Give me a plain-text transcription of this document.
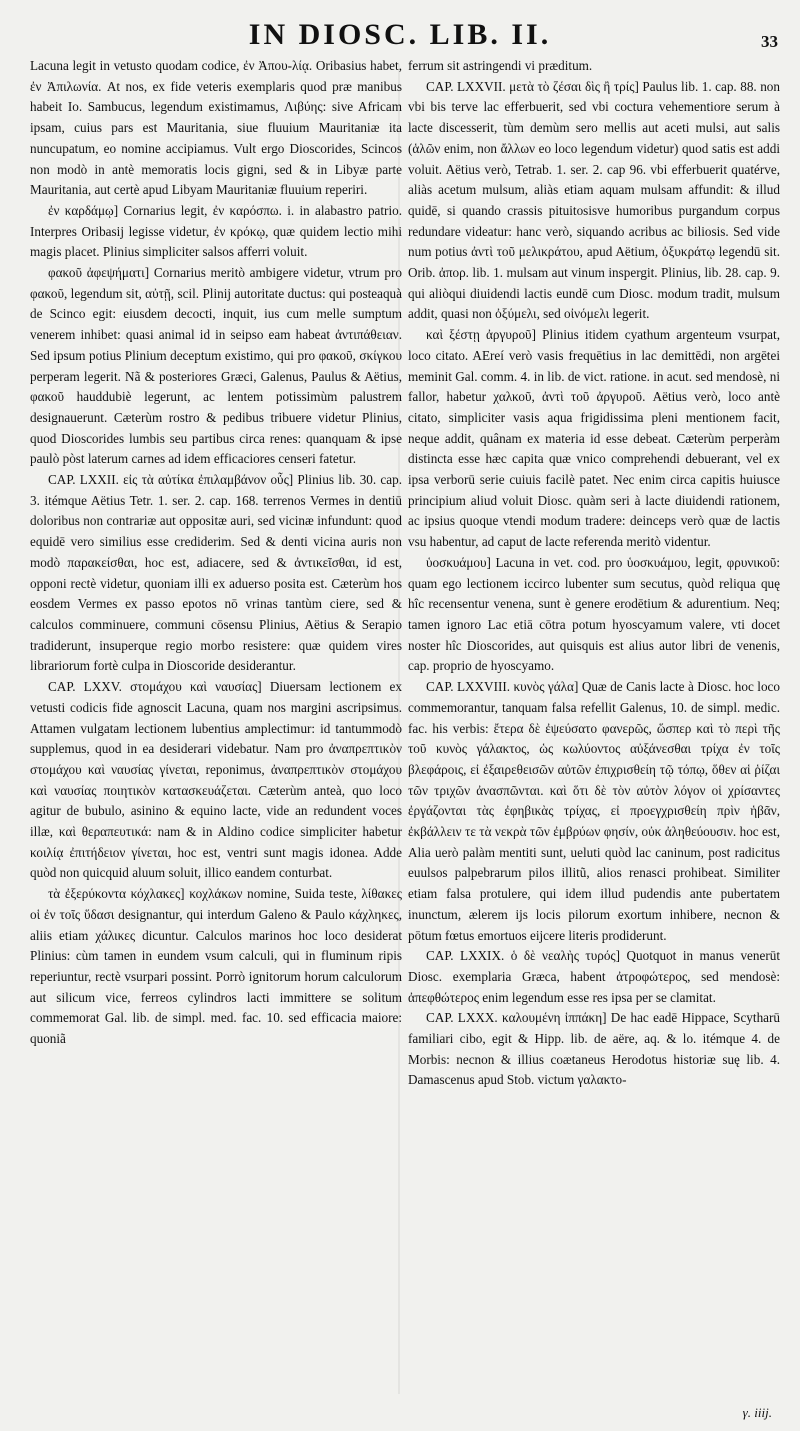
IN DIOSC. LIB. II.	33

Lacuna legit in vetusto quodam codice, ἐν Ἀπου-λίᾳ. Oribasius habet, ἐν Ἀπιλωνία. At nos, ex fide veteris exemplaris quod præ manibus habeit Io. Sambucus, legendum existimamus, Λιβύης: sive Africam ipsam, cuius pars est Mauritania, siue fluuium Mauritaniæ ita nuncupatum, eo nomine accipiamus. Vult ergo Dioscorides, Scincos non modò in antè memoratis locis gigni, sed & in Libyæ parte Mauritania, aut certè apud Libyam Mauritaniæ fluuium reperiri.

ἐν καρδάμῳ] Cornarius legit, ἐν καρόσπω. i. in alabastro patrio. Interpres Oribasij legisse videtur, ἐν κρόκῳ, quæ quidem lectio mihi magis placet. Plinius simpliciter salsos afferri voluit.

φακοῦ ἀφεψήματι] Cornarius meritò ambigere videtur, vtrum pro φακοῦ, legendum sit, αὐτῇ, scil. Plinij autoritate ductus: qui posteaquà de Scinco egit: eiusdem decocti, inquit, ius cum melle sumptum venerem inhibet: quasi animal id in seipso eam habeat ἀντιπάθειαν. Sed ipsum potius Plinium deceptum existimo, qui pro φακοῦ, σκίγκου perperam legerit. Nã & posteriores Græci, Galenus, Paulus & Aëtius, φακοῦ hauddubiè legerunt, ac lentem potissimùm palustrem designauerunt. Cæterùm rostro & pedibus tribuere videtur Plinius, quod Dioscorides lumbis seu partibus circa renes: quanquam & ipse paulò pòst laterum carnes ad idem efficaciores censeri fatetur.

CAP. LXXII. εἰς τὰ αὐτίκα ἐπιλαμβάνον οὖς] Plinius lib. 30. cap. 3. itémque Aëtius Tetr. 1. ser. 2. cap. 168. terrenos Vermes in dentiū doloribus non contrariæ aut oppositæ auri, sed vicinæ infundunt: quod equidē vero similius esse crediderim. Sed & denti vicina auris non modò παρακείσθαι, hoc est, adiacere, sed & ἀντικεῖσθαι, id est, opponi rectè videtur, quoniam illi ex aduerso posita est. Cæterùm hos eosdem Vermes ex passo epotos nō vrinas tantùm ciere, sed & calculos comminuere, communi cōsensu Plinius, Aëtius & Serapio tradiderunt, insuperque regio morbo resistere: quæ quidem vires librariorum fortè culpa in Dioscoride desiderantur.

CAP. LXXV. στομάχου καὶ ναυσίας] Diuersam lectionem ex vetusti codicis fide agnoscit Lacuna, quam nos margini ascripsimus. Attamen vulgatam lectionem lubentius amplectimur: id tantummodò supplemus, quod in ea desiderari videbatur. Nam pro ἀναπρεπτικὸν στομάχου καὶ ναυσίας γίνεται, reponimus, ἀναπρεπτικὸν στομάχου καὶ ναυσίας ποιητικὸν κατασκευάζεται. Cæterùm anteà, quo loco agitur de bubulo, asinino & equino lacte, vide an redundent voces illæ, καὶ θεραπευτικά: nam & in Aldino codice simpliciter habetur κοιλίᾳ ἐπιτήδειον γίνεται, hoc est, ventri sunt magis idonea. Adde quòd non quicquid aluum soluit, illico eandem conturbat.

τὰ ἐξερύκοντα κόχλακες] κοχλάκων nomine, Suida teste, λίθακες οἱ ἐν τοῖς ὕδασι designantur, qui interdum Galeno & Paulo κάχληκες, aliis etiam χάλικες dicuntur. Calculos marinos hoc loco desiderat Plinius: cùm tamen in eundem vsum calculi, qui in fluminum ripis reperiuntur, rectè vsurpari possint. Porrò ignitorum horum calculorum aut silicum vice, ferreos cylindros lacti immittere se solitum commemorat Gal. lib. de simpl. med. fac. 10. sed efficacia maiore: quoniã

ferrum sit astringendi vi præditum.

CAP. LXXVII. μετὰ τὸ ζέσαι δὶς ἢ τρίς] Paulus lib. 1. cap. 88. non vbi bis terve lac efferbuerit, sed vbi coctura vehementiore serum à lacte discesserit, tùm demùm sero mellis aut aceti mulsi, aut salis (ἁλῶν enim, non ἄλλων eo loco legendum videtur) quod satis est addi voluit. Aëtius verò, Tetrab. 1. ser. 2. cap 96. vbi efferbuerit quatérve, aliàs acetum mulsum, aliàs etiam aquam mulsam affundit: & illud quidē, si quando crassis pituitosisve humoribus purgandum corpus redundare videatur: hanc verò, siquando acribus ac biliosis. Sed vide num potius ἀντὶ τοῦ μελικράτου, apud Aëtium, ὀξυκράτῳ legendū sit. Orib. ἀπορ. lib. 1. mulsam aut vinum inspergit. Plinius, lib. 28. cap. 9. qui aliòqui diuidendi lactis eundē cum Diosc. modum tradit, mulsum addit, quasi non ὀξύμελι, sed οἰνόμελι legerit.

καὶ ξέστῃ ἀργυροῦ] Plinius itidem cyathum argenteum vsurpat, loco citato. AEreí verò vasis frequētius in lac demittēdi, non argētei meminit Gal. comm. 4. in lib. de vict. ratione. in acut. sed mendosè, ni fallor, habetur χαλκοῦ, ἀντὶ τοῦ ἀργυροῦ. Aëtius verò, loco antè citato, simpliciter vasis aqua frigidissima pleni mentionem facit, neque addit, quânam ex materia id esse debeat. Cæterùm perperàm distincta esse hæc capita quæ vnico comprehendi debuerant, vel ex ipsa verborū serie cuiuis facilè patet. Nec enim circa capitis huiusce principium aliud voluit Diosc. quàm seri à lacte diuidendi rationem, ac ipsius quoque vtendi modum tradere: deinceps verò quæ de lactis vsu habentur, ad caput de lacte referenda meritò videntur.

ὑοσκυάμου] Lacuna in vet. cod. pro ὑοσκυάμου, legit, φρυνικοῦ: quam ego lectionem iccirco lubenter sum secutus, quòd reliqua quę hîc recensentur venena, sunt è genere erodētium & adurentium. Neq; tamen ignoro Lac etiā cōtra potum hyoscyamum valere, vti docet noster hîc Dioscorides, aut quisquis est alius autor libri de venenis, cap. proprio de hyoscyamo.

CAP. LXXVIII. κυνὸς γάλα] Quæ de Canis lacte à Diosc. hoc loco commemorantur, tanquam falsa refellit Galenus, 10. de simpl. medic. fac. his verbis: ἔτερα δὲ ἐψεύσατο φανερῶς, ὥσπερ καὶ τὸ περὶ τῆς τοῦ κυνὸς γάλακτος, ὡς κωλύοντος αὐξάνεσθαι τρίχα ἐν τοῖς βλεφάροις, εἰ ἐξαιρεθεισῶν αὐτῶν ἐπιχρισθείη τῷ τόπῳ, ὅθεν αἱ ῥίζαι τῶν τριχῶν ἀνασπῶνται. καὶ ὅτι δὲ τὸν αὐτὸν λόγον οἱ χρίσαντες ἐργάζονται τὰς ἐφηβικὰς τρίχας, εἰ προεγχρισθείη πρὶν ἡβᾶν, ἐκβάλλειν τε τὰ νεκρὰ τῶν ἐμβρύων φησίν, οὐκ ἀληθεύουσιν. hoc est, Alia uerò palàm mentiti sunt, ueluti quòd lac caninum, post radicitus euulsos palpebrarum pilos illitũ, alios renasci prohibeat. Similiter etiam falsa protulere, qui idem illud pudendis ante pubertatem inunctum, ælerem ijs locis pilorum exortum inhibere, necnon & pōtum fœtus emortuos eijcere literis prodiderunt.

CAP. LXXIX. ὁ δὲ νεαλὴς τυρός] Quotquot in manus venerūt Diosc. exemplaria Græca, habent ἀτροφώτερος, sed mendosè: ἀπεφθώτερος enim legendum esse res ipsa per se clamitat.

CAP. LXXX. καλουμένη ἱππάκη] De hac eadē Hippace, Scytharū familiari cibo, egit & Hipp. lib. de aëre, aq. & lo. itémque 4. de Morbis: necnon & illius coætaneus Herodotus historiæ suę lib. 4. Damascenus apud Stob. victum γαλακτο-

γ. iiij.
